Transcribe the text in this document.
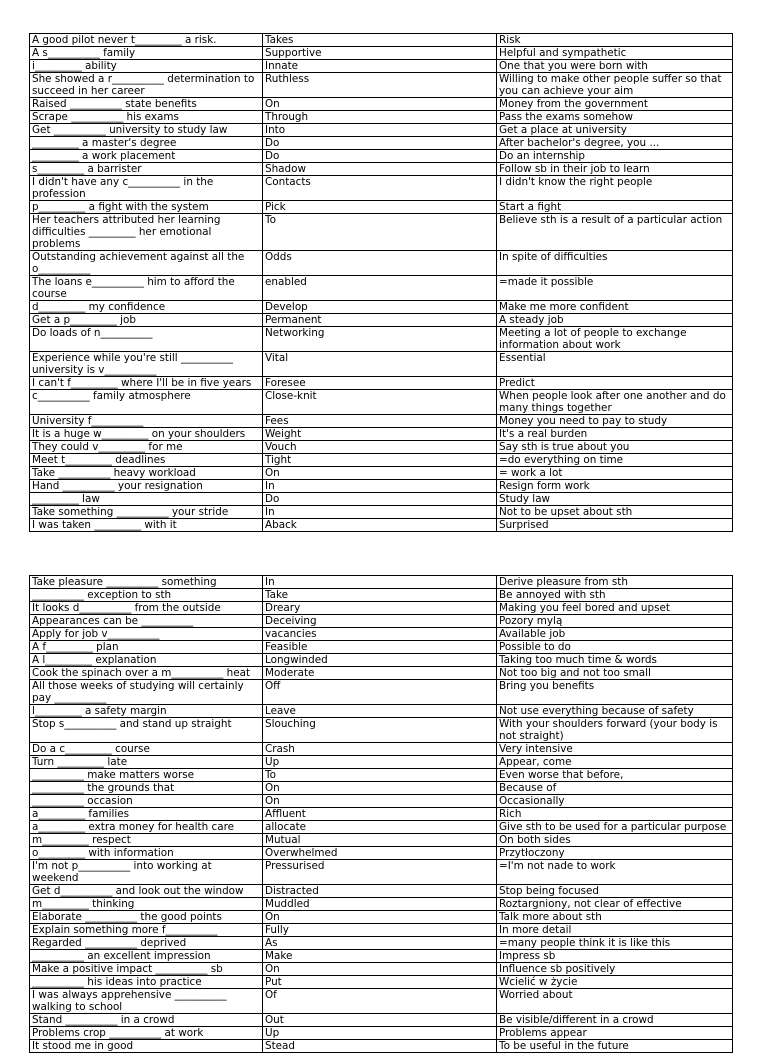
A good pilot never t_________ a risk.	Takes	Risk
A s__________ family	Supportive	Helpful and sympathetic
i_________ ability	Innate	One that you were born with
She showed a r__________ determination to succeed in her career	Ruthless	Willing to make other people suffer so that you can achieve your aim
Raised __________ state benefits	On	Money from the government
Scrape __________ his exams	Through	Pass the exams somehow
Get __________ university to study law	Into	Get a place at university
_________ a master's degree	Do	After bachelor's degree, you ...
_________ a work placement	Do	Do an internship
s_________ a barrister	Shadow	Follow sb in their job to learn
I didn't have any c__________ in the profession	Contacts	I didn't know the right people
p_________ a fight with the system	Pick	Start a fight
Her teachers attributed her learning difficulties _________ her emotional problems	To	Believe sth is a result of a particular action
Outstanding achievement against all the o__________	Odds	In spite of difficulties
The loans e__________ him to afford the course	enabled	=made it possible
d_________ my confidence	Develop	Make me more confident
Get a p_________ job	Permanent	A steady job
Do loads of n__________	Networking	Meeting a lot of people to exchange information about work
Experience while you're still __________ university is v__________	Vital	Essential
I can't f_________ where I'll be in five years	Foresee	Predict
c__________ family atmosphere	Close-knit	When people look after one another and do many things together
University f__________	Fees	Money you need to pay to study
It is a huge w_________ on your shoulders	Weight	It's a real burden
They could v_________ for me	Vouch	Say sth is true about you
Meet t_________ deadlines	Tight	=do everything on time
Take __________ heavy workload	On	= work a lot
Hand __________ your resignation	In	Resign form work
_________ law	Do	Study law
Take something __________ your stride	In	Not to be upset about sth
I was taken _________ with it	Aback	Surprised
Take pleasure __________ something	In	Derive pleasure from sth
__________ exception to sth	Take	Be annoyed with sth
It looks d__________ from the outside	Dreary	Making you feel bored and upset
Appearances can be __________	Deceiving	Pozory mylą
Apply for job v__________	vacancies	Available job
A f_________ plan	Feasible	Possible to do
A l_________ explanation	Longwinded	Taking too much time & words
Cook the spinach over a m__________ heat	Moderate	Not too big and not too small
All those weeks of studying will certainly pay __________	Off	Bring you benefits
l_________ a safety margin	Leave	Not use everything because of safety
Stop s__________ and stand up straight	Slouching	With your shoulders forward (your body is not straight)
Do a c_________ course	Crash	Very intensive
Turn _________ late	Up	Appear, come
__________ make matters worse	To	Even worse that before,
__________ the grounds that	On	Because of
__________ occasion	On	Occasionally
a_________ families	Affluent	Rich
a_________ extra money for health care	allocate	Give sth to be used for a particular purpose
m_________ respect	Mutual	On both sides
o_________ with information	Overwhelmed	Przytłoczony
I'm not p__________ into working at weekend	Pressurised	=I'm not nade to work
Get d__________ and look out the window	Distracted	Stop being focused
m_________ thinking	Muddled	Roztargniony, not clear of effective
Elaborate __________ the good points	On	Talk more about sth
Explain something more f__________	Fully	In more detail
Regarded __________ deprived	As	=many people think it is like this
__________ an excellent impression	Make	Impress sb
Make a positive impact __________ sb	On	Influence sb positively
__________ his ideas into practice	Put	Wcielić w życie
I was always apprehensive __________ walking to school	Of	Worried about
Stand __________ in a crowd	Out	Be visible/different in a crowd
Problems crop __________ at work	Up	Problems appear
It stood me in good	Stead	To be useful in the future
